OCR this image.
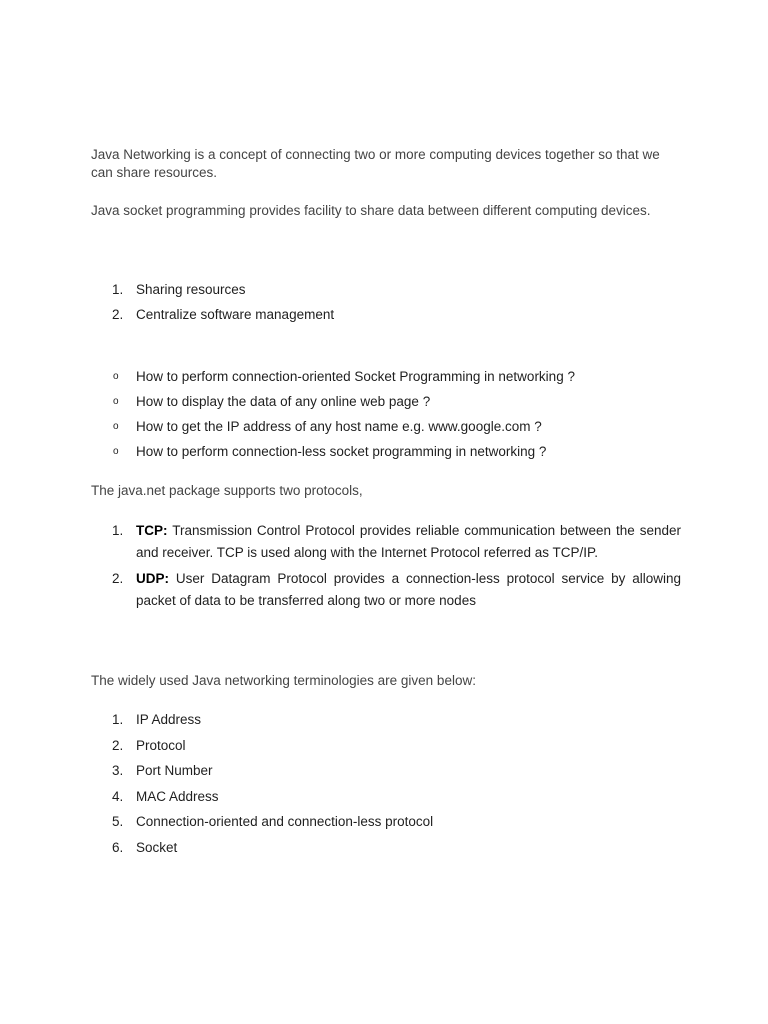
Java Networking is a concept of connecting two or more computing devices together so that we can share resources.

Java socket programming provides facility to share data between different computing devices.

1. Sharing resources
2. Centralize software management
o How to perform connection-oriented Socket Programming in networking ?
o How to display the data of any online web page ?
o How to get the IP address of any host name e.g. www.google.com ?
o How to perform connection-less socket programming in networking ?

The java.net package supports two protocols,

1. TCP: Transmission Control Protocol provides reliable communication between the sender and receiver. TCP is used along with the Internet Protocol referred as TCP/IP.
2. UDP: User Datagram Protocol provides a connection-less protocol service by allowing packet of data to be transferred along two or more nodes

The widely used Java networking terminologies are given below:

1. IP Address
2. Protocol
3. Port Number
4. MAC Address
5. Connection-oriented and connection-less protocol
6. Socket
